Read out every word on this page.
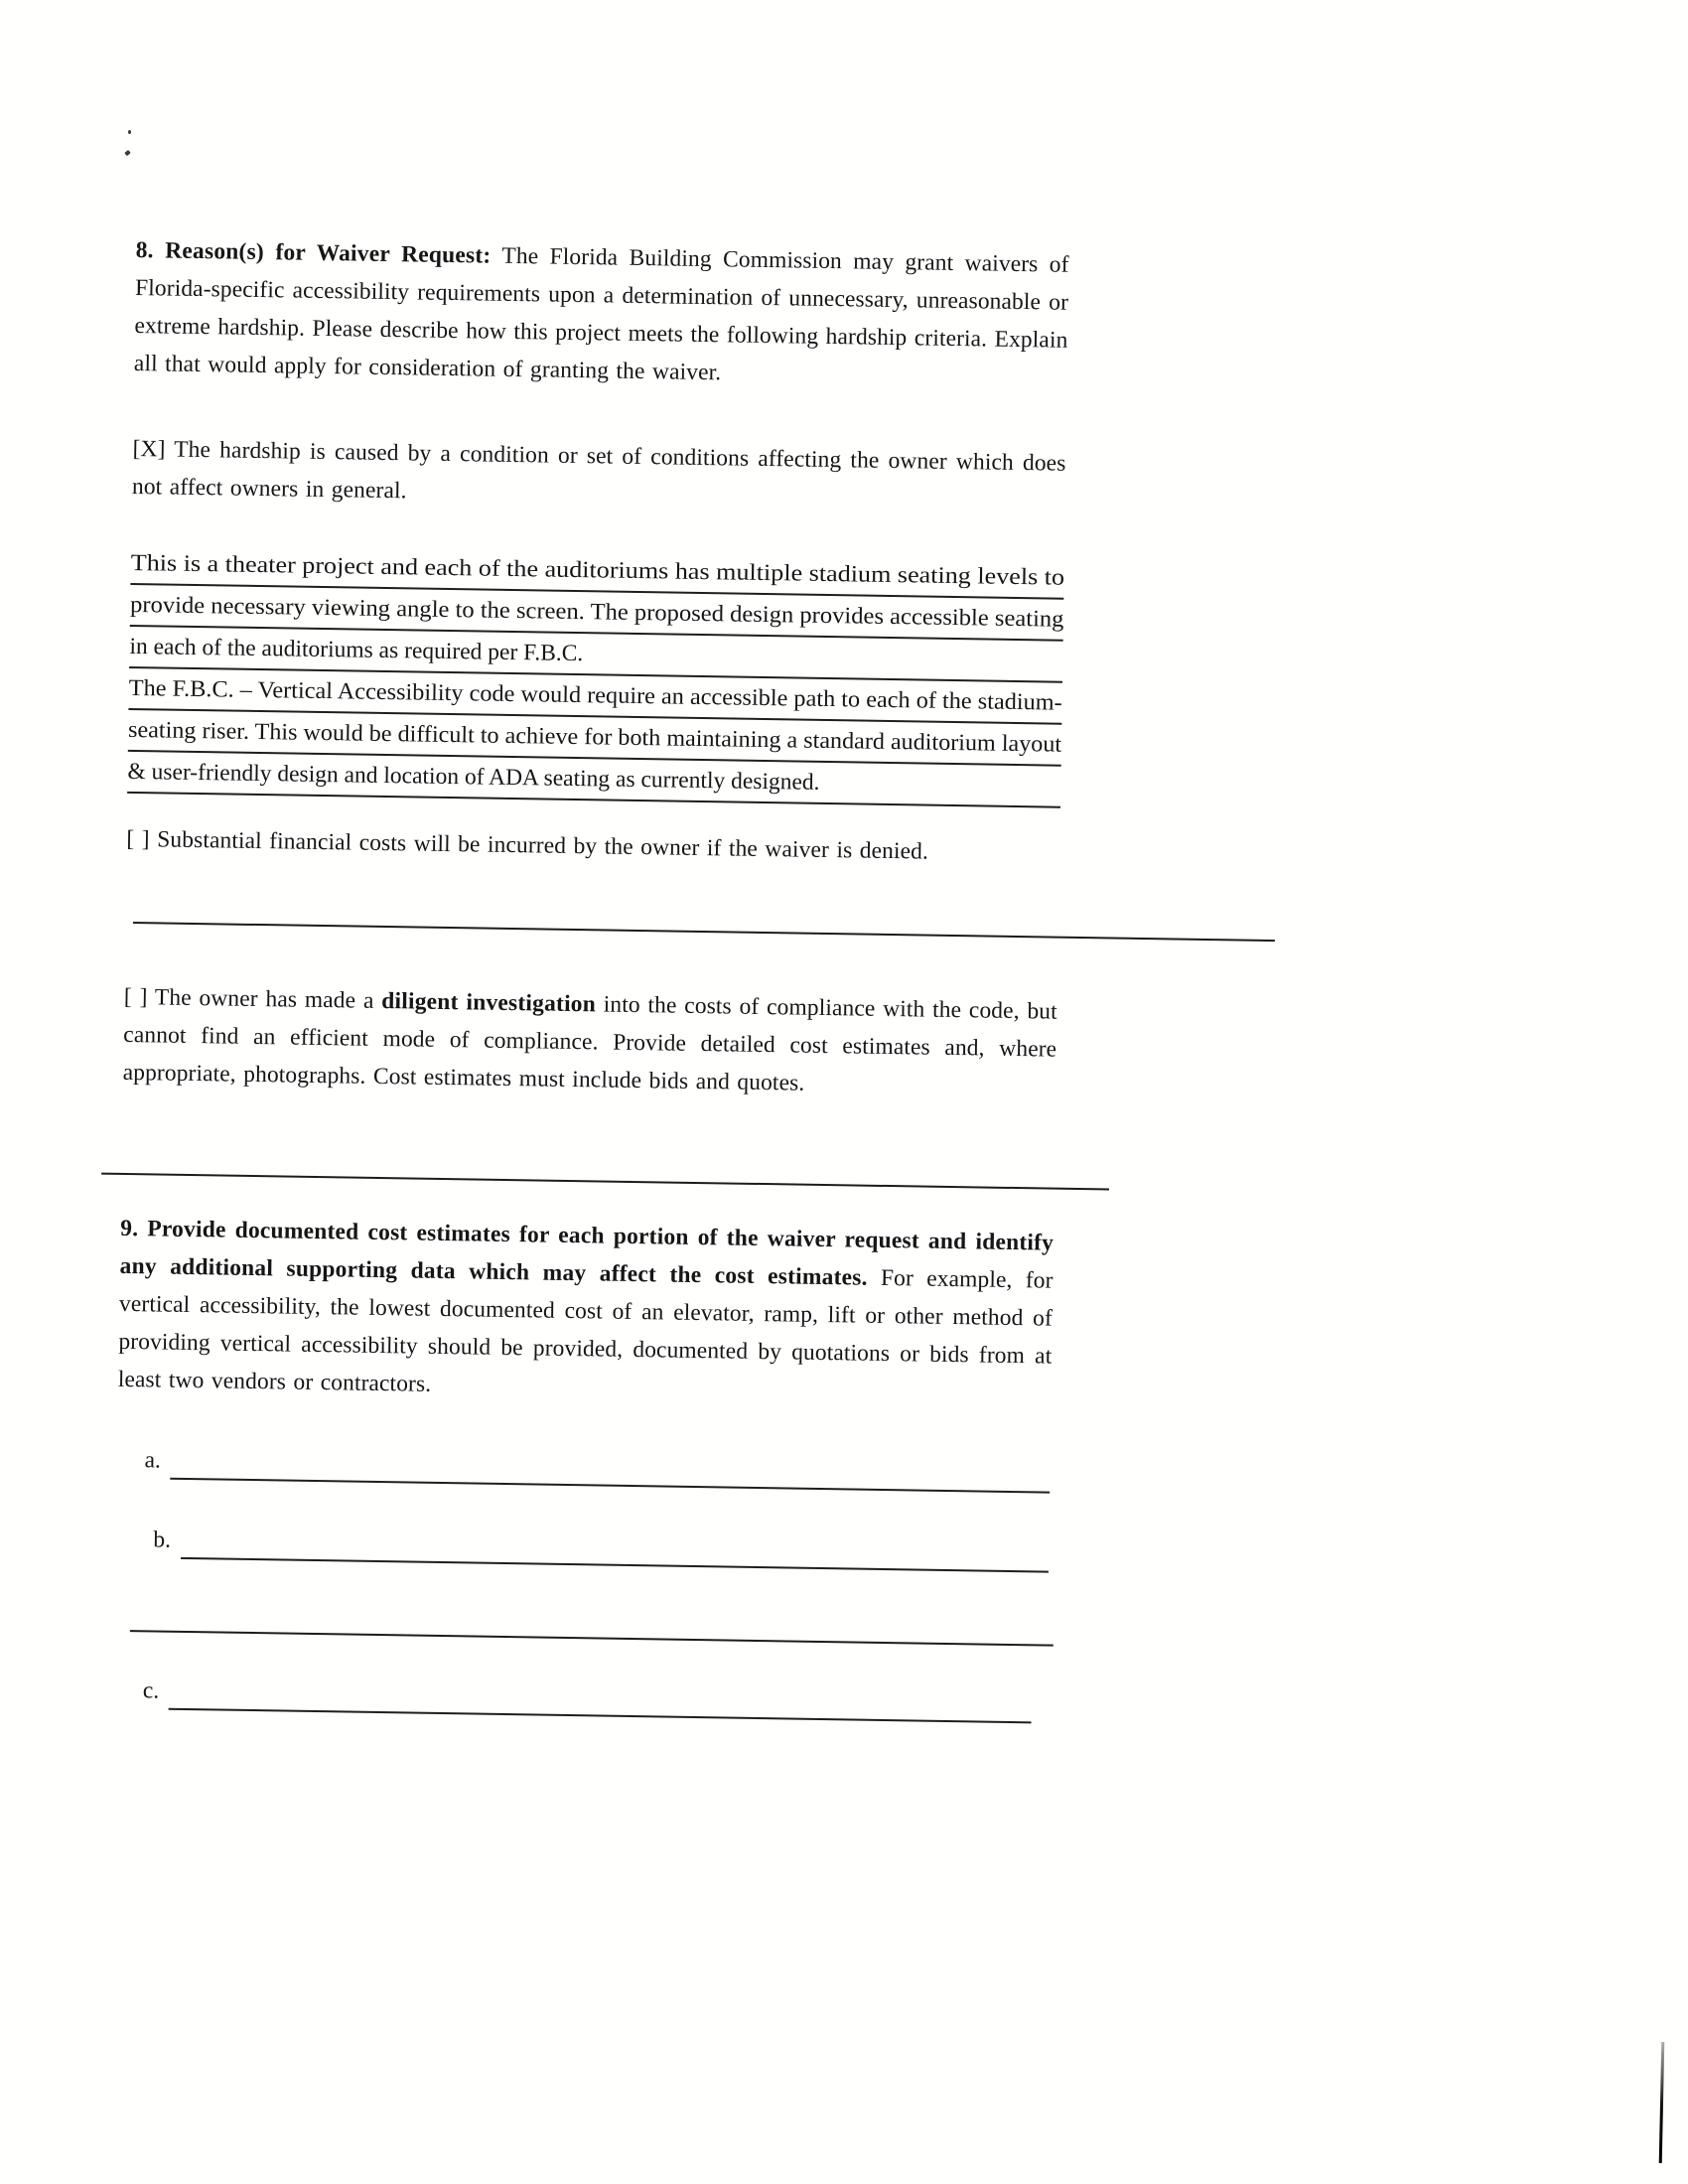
8. Reason(s) for Waiver Request: The Florida Building Commission may grant waivers of Florida-specific accessibility requirements upon a determination of unnecessary, unreasonable or extreme hardship. Please describe how this project meets the following hardship criteria. Explain all that would apply for consideration of granting the waiver.

[X] The hardship is caused by a condition or set of conditions affecting the owner which does not affect owners in general.

This is a theater project and each of the auditoriums has multiple stadium seating levels to
provide necessary viewing angle to the screen. The proposed design provides accessible seating
in each of the auditoriums as required per F.B.C.
The F.B.C. – Vertical Accessibility code would require an accessible path to each of the stadium-
seating riser. This would be difficult to achieve for both maintaining a standard auditorium layout
& user-friendly design and location of ADA seating as currently designed.

[ ] Substantial financial costs will be incurred by the owner if the waiver is denied.

[ ] The owner has made a diligent investigation into the costs of compliance with the code, but cannot find an efficient mode of compliance. Provide detailed cost estimates and, where appropriate, photographs. Cost estimates must include bids and quotes.

9. Provide documented cost estimates for each portion of the waiver request and identify any additional supporting data which may affect the cost estimates. For example, for vertical accessibility, the lowest documented cost of an elevator, ramp, lift or other method of providing vertical accessibility should be provided, documented by quotations or bids from at least two vendors or contractors.

a.
b.
c.
